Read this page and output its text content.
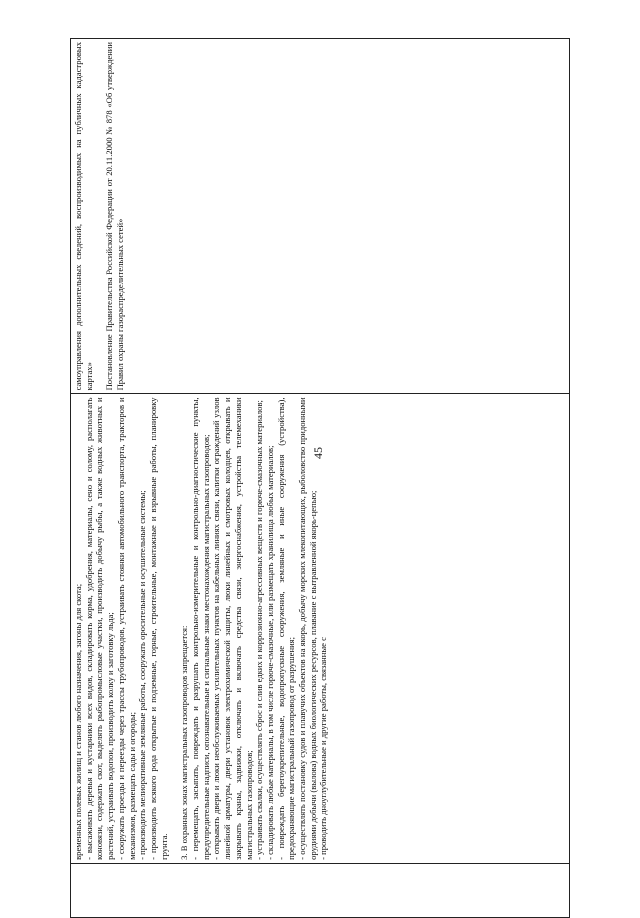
45

временных полевых жилищ и станов любого назначения, загоны для скота; - высаживать деревья и кустарники всех видов, складировать корма, удобрения, материалы, сено и солому, располагать коновязи, содержать скот, выделять рыбопромысловые участки, производить добычу рыбы, а также водных животных и растений, устраивать водопои, производить колку и заготовку льда; - сооружать проезды и переезды через трассы трубопроводов, устраивать стоянки автомобильного транспорта, тракторов и механизмов, размещать сады и огороды; - производить мелиоративные земляные работы, сооружать оросительные и осушительные системы; - производить всякого рода открытые и подземные, горные, строительные, монтажные и взрывные работы, планировку грунта. 3. В охранных зонах магистральных газопроводов запрещается: - перемещать, засыпать, повреждать и разрушать контрольно-измерительные и контрольно-диагностические пункты, предупредительные надписи, опознавательные и сигнальные знаки местонахождения магистральных газопроводов; - открывать двери и люки необслуживаемых усилительных пунктов на кабельных линиях связи, калитки ограждений узлов линейной арматуры, двери установок электрохимической защиты, люки линейных и смотровых колодцев, открывать и закрывать краны, задвижки, отключать и включать средства связи, энергоснабжения, устройства телемеханики магистральных газопроводов; - устраивать свалки, осуществлять сброс и слив едких и коррозионно-агрессивных веществ и горюче-смазочных материалов; - складировать любые материалы, в том числе горюче-смазочные, или размещать хранилища любых материалов; - повреждать берегоукрепительные, водопропускные сооружения, земляные и иные сооружения (устройства), предохраняющие магистральный газопровод от разрушения; - осуществлять постановку судов и плавучих объектов на якорь, добычу морских млекопитающих, рыболовство придонными орудиями добычи (вылова) водных биологических ресурсов, плавание с вытравленной якорь-цепью; - проводить дноуглубительные и другие работы, связанные с

самоуправления дополнительных сведений, воспроизводимых на публичных кадастровых картах» Постановление Правительства Российской Федерации от 20.11.2000 № 878 «Об утверждении Правил охраны газораспределительных сетей»
